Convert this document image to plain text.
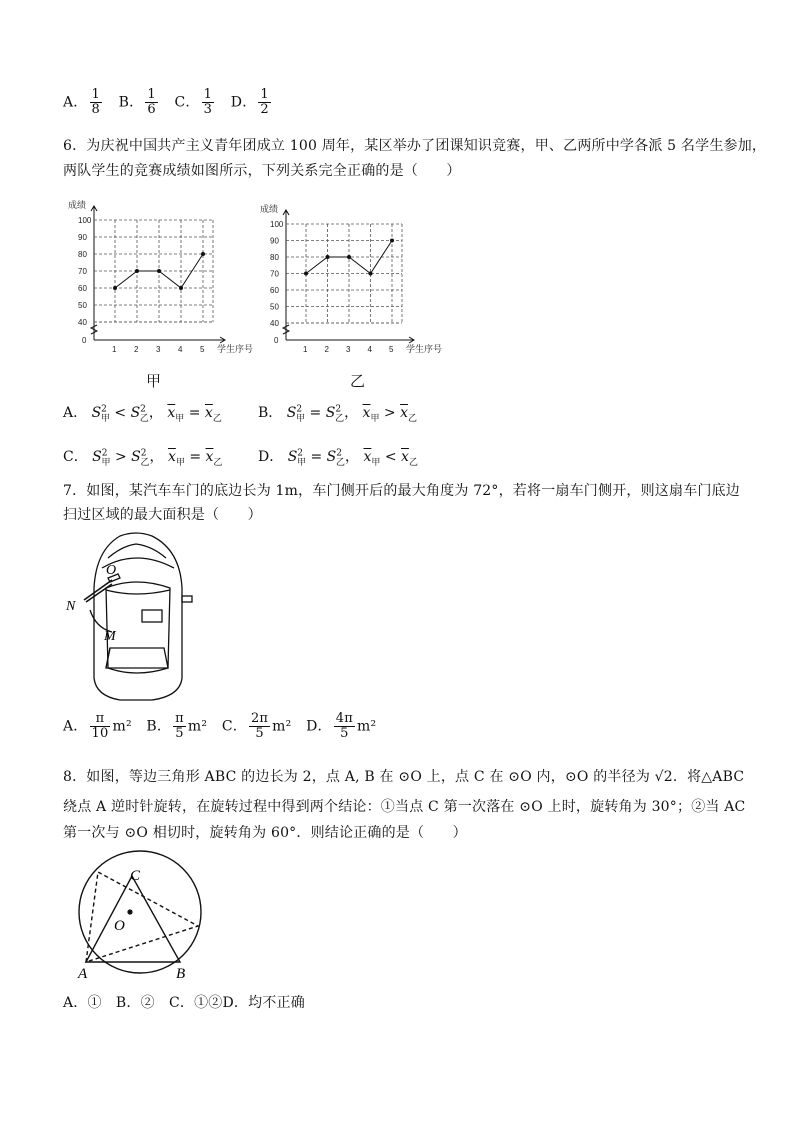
A． $\frac{1}{8}$ B． $\frac{1}{6}$ C． $\frac{1}{3}$ D． $\frac{1}{2}$
6．为庆祝中国共产主义青年团成立 100 周年，某区举办了团课知识竞赛，甲、乙两所中学各派 5 名学生参加，
两队学生的竞赛成绩如图所示，下列关系完全正确的是（　　）
成绩
0
40
50
60
70
80
90
100
1 2 3 4 5 学生序号
甲
成绩
0
40
50
60
70
80
90
100
1 2 3 4 5 学生序号
乙
A． $S^2_甲 < S^2_乙$， $\overline{x}_甲 = \overline{x}_乙$	B． $S^2_甲 = S^2_乙$， $\overline{x}_甲 > \overline{x}_乙$
C． $S^2_甲 > S^2_乙$， $\overline{x}_甲 = \overline{x}_乙$	D． $S^2_甲 = S^2_乙$， $\overline{x}_甲 < \overline{x}_乙$
7．如图，某汽车车门的底边长为 1m，车门侧开后的最大角度为 72°，若将一扇车门侧开，则这扇车门底边
扫过区域的最大面积是（　　）
O
N
M
A． $\frac{\pi}{10} m^2$ B． $\frac{\pi}{5} m^2$ C． $\frac{2\pi}{5} m^2$ D． $\frac{4\pi}{5} m^2$
8．如图，等边三角形 ABC 的边长为 2，点 A, B 在 ⊙O 上，点 C 在 ⊙O 内，⊙O 的半径为 √2．将△ABC
绕点 A 逆时针旋转，在旋转过程中得到两个结论：①当点 C 第一次落在 ⊙O 上时，旋转角为 30°；②当 AC
第一次与 ⊙O 相切时，旋转角为 60°．则结论正确的是（　　）
C
O
A	B
A．①　B．②　C．①②D．均不正确
